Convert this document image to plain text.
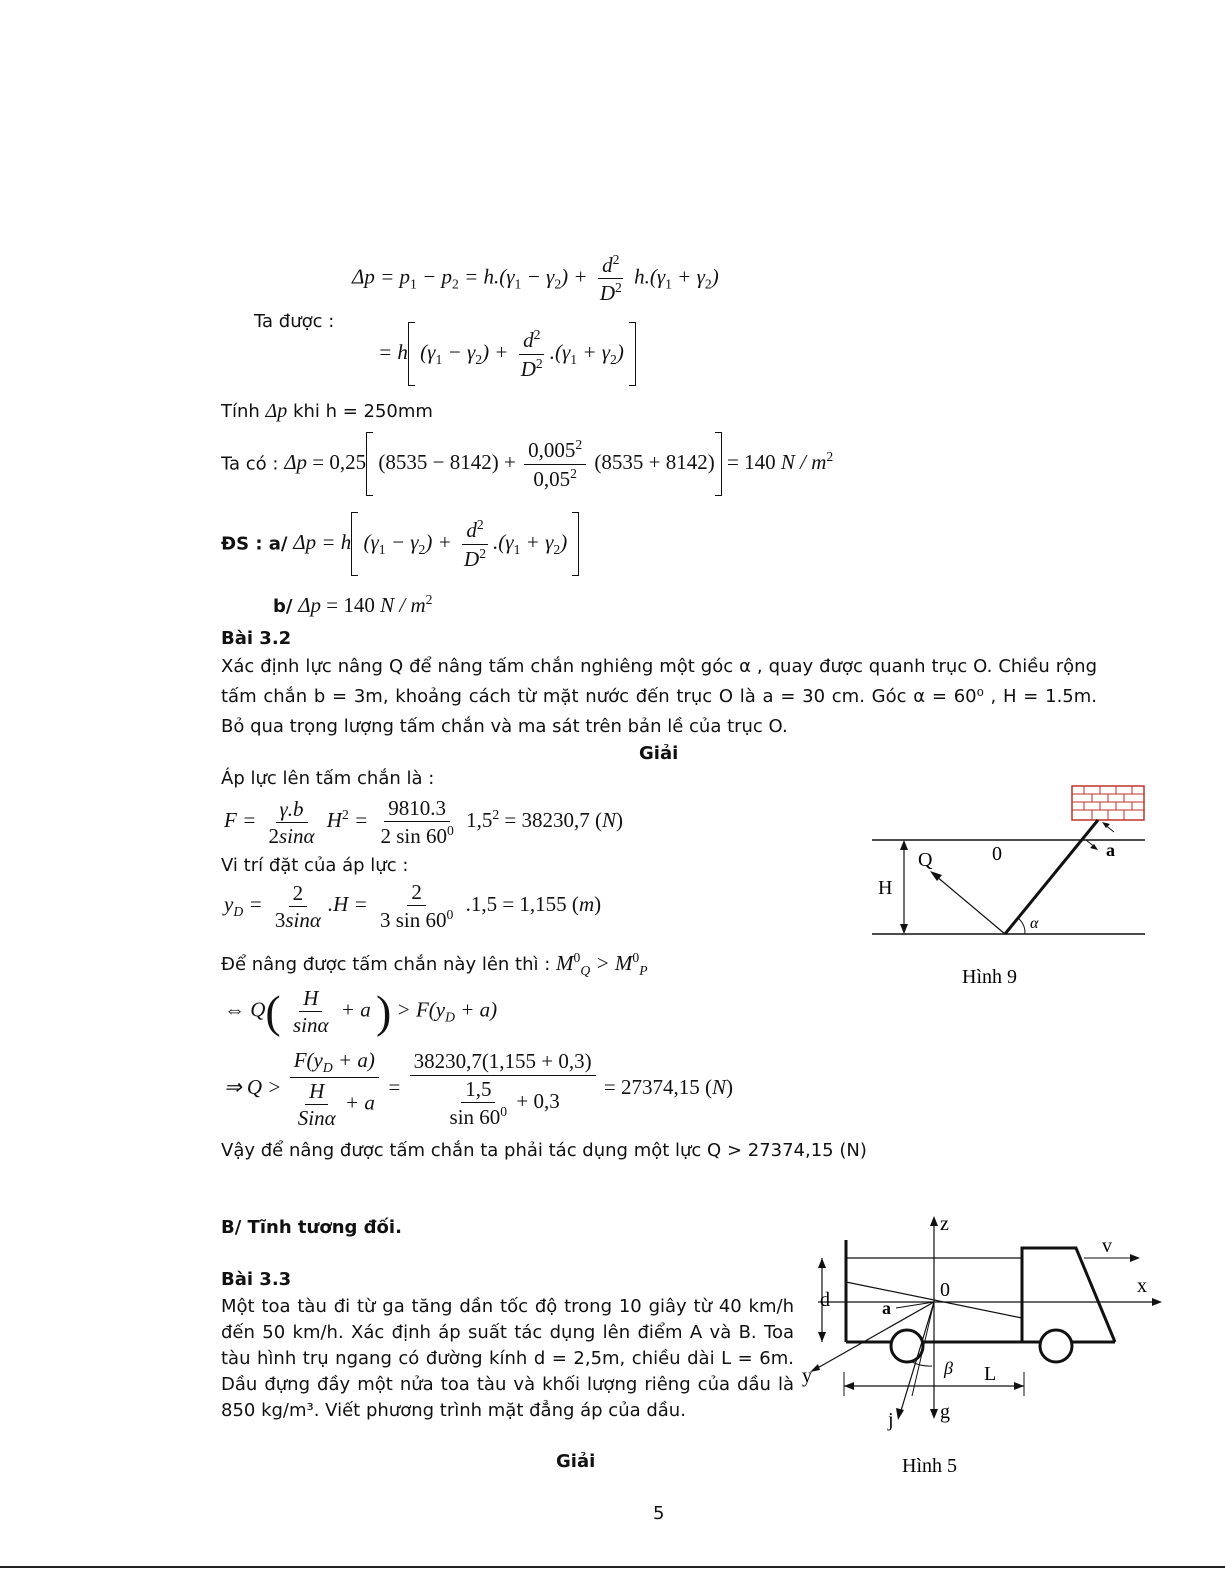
$\Delta p = p_1 - p_2 = h.(\gamma_1 - \gamma_2) + \frac{d^2}{D^2} h.(\gamma_1 + \gamma_2)$
Ta được :
= h $(\gamma_1 - \gamma_2) + \frac{d^2}{D^2} .(\gamma_1 + \gamma_2)$
Tính Δp khi h = 250mm
Ta có : Δp = 0,25 $(8535 - 8142) + \frac{0,005^2}{0,05^2} (8535 + 8142) = 140$ N / $m^2$
ĐS : a/ Δp = h $(\gamma_1 - \gamma_2) + \frac{d^2}{D^2} .(\gamma_1 + \gamma_2)$
b/ Δp = 140 N / $m^2$
Bài 3.2
Xác định lực nâng Q để nâng tấm chắn nghiêng một góc α , quay được quanh trục O. Chiều rộng tấm chắn b = 3m, khoảng cách từ mặt nước đến trục O là a = 30 cm. Góc α = 60⁰ , H = 1.5m. Bỏ qua trọng lượng tấm chắn và ma sát trên bản lề của trục O.
Giải
Áp lực lên tấm chắn là :
$F = \frac{\gamma.b}{2\sin\alpha} H^2 = \frac{9810.3}{2 \sin 60^0} 1,5^2 = 38230,7$ (N)
Vi trí đặt của áp lực :
$y_D = \frac{2}{3\sin\alpha} .H = \frac{2}{3 \sin 60^0} .1,5 = 1,155$ (m)
Để nâng được tấm chắn này lên thì : $M^0_Q > M^0_P$
⇔ $Q( \frac{H}{\sin\alpha} + a$ ) > $F(y_D + a)$
⇒ $Q > \frac{F(y_D + a)}{\frac{H}{\text{Sinα}} + a} = \frac{38230,7(1,155 + 0,3)}{\frac{1,5}{\sin 60^0} + 0,3} = 27374,15$ (N)
Vậy để nâng được tấm chắn ta phải tác dụng một lực Q > 27374,15 (N)
H
Q	0	a
α
Hình 9
B/ Tĩnh tương đối.
Bài 3.3
Một toa tàu đi từ ga tăng dần tốc độ trong 10 giây từ 40 km/h đến 50 km/h. Xác định áp suất tác dụng lên điểm A và B. Toa tàu hình trụ ngang có đường kính d = 2,5m, chiều dài L = 6m. Dầu đựng đầy một nửa toa tàu và khối lượng riêng của dầu là 850 kg/m³. Viết phương trình mặt đẳng áp của dầu.
Giải
z
x
v
d	0
y
a
β L
j g
Hình 5
5
